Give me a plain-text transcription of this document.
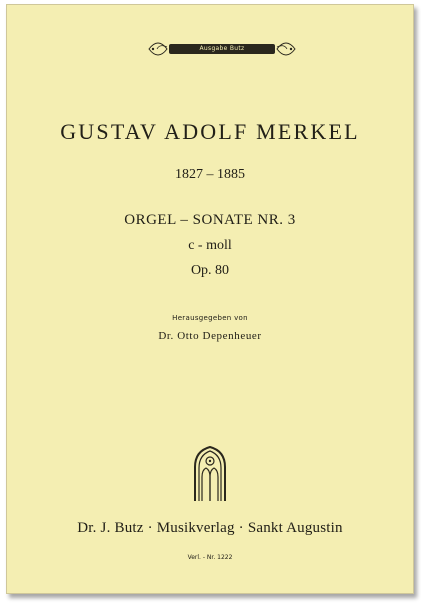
Ausgabe Butz
GUSTAV ADOLF MERKEL
1827 – 1885
ORGEL – SONATE NR. 3
c - moll
Op. 80
Herausgegeben von
Dr. Otto Depenheuer
Dr. J. Butz · Musikverlag · Sankt Augustin
Verl. - Nr. 1222
